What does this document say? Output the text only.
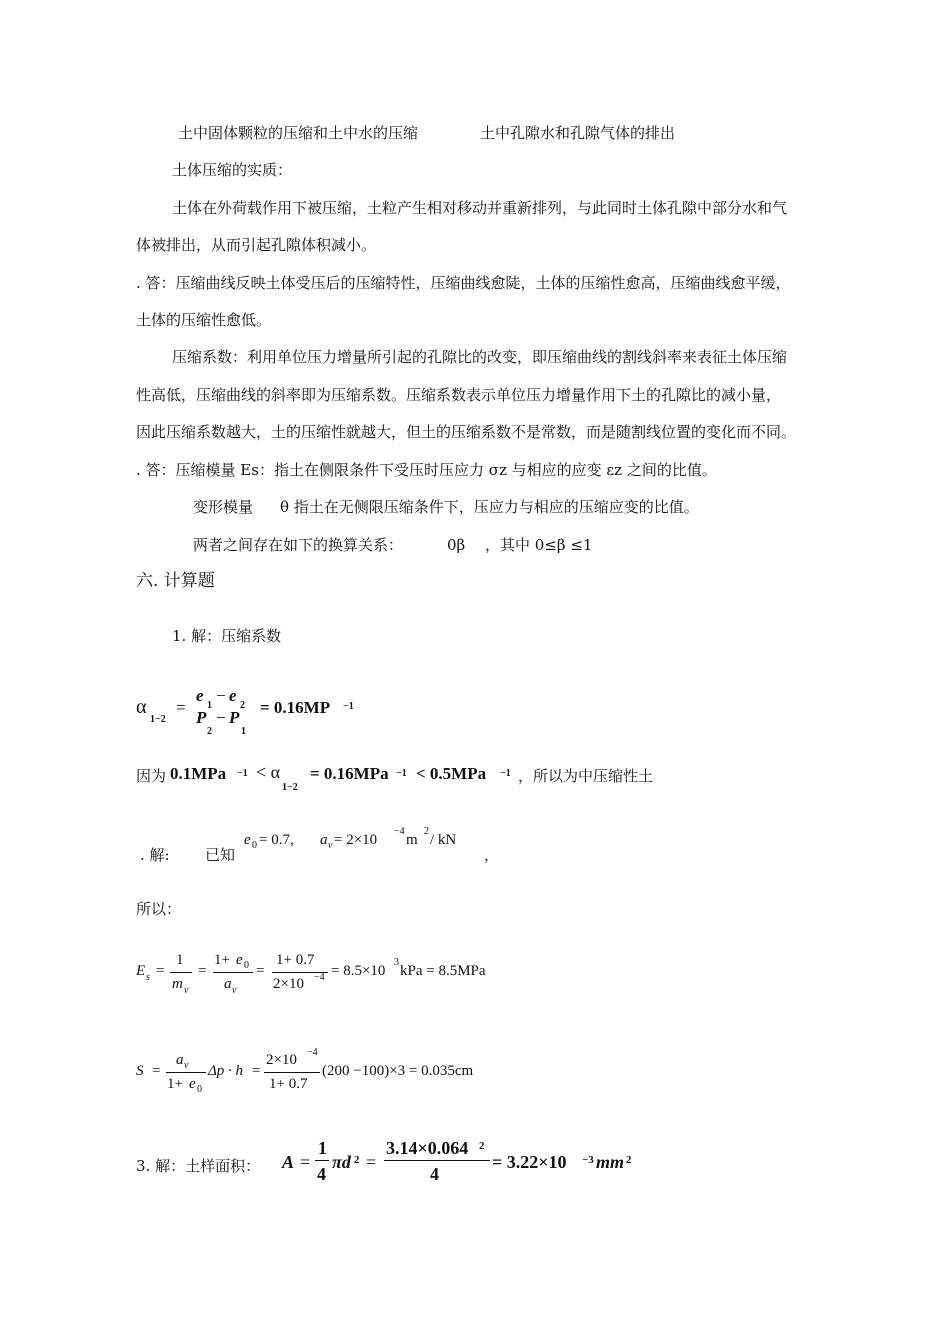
土中固体颗粒的压缩和土中水的压缩	土中孔隙水和孔隙气体的排出
土体压缩的实质：
土体在外荷载作用下被压缩，土粒产生相对移动并重新排列，与此同时土体孔隙中部分水和气
体被排出，从而引起孔隙体积减小。
. 答：压缩曲线反映土体受压后的压缩特性，压缩曲线愈陡，土体的压缩性愈高，压缩曲线愈平缓，
土体的压缩性愈低。
压缩系数：利用单位压力增量所引起的孔隙比的改变，即压缩曲线的割线斜率来表征土体压缩
性高低，压缩曲线的斜率即为压缩系数。压缩系数表示单位压力增量作用下土的孔隙比的减小量，
因此压缩系数越大，土的压缩性就越大，但土的压缩系数不是常数，而是随割线位置的变化而不同。
. 答：压缩模量 Es：指土在侧限条件下受压时压应力 σz 与相应的应变 εz 之间的比值。
变形模量 θ 指土在无侧限压缩条件下，压应力与相应的压缩应变的比值。
两者之间存在如下的换算关系：	0β ，其中 0≤β ≤1
六. 计算题
1. 解：压缩系数
α
1−2
=
e
1
− e
2
P
2
− P
1
= 0.16MP −1
因为 0.1MPa −1 < α
1−2
= 0.16MPa −1 < 0.5MPa −1 ，所以为中压缩性土
. 解: 已知
e 0 = 0.7, a v = 2×10
−4
m
2
/ kN
，
所以：
E s =
1
m v
=
1+ e 0
a v
=
1+ 0.7
2×10 −4 = 8.5×10
3
kPa = 8.5MPa
S =
a v
1+ e 0
Δp · h =
2×10 −4
1+ 0.7
(200 −100)×3 = 0.035cm
3. 解：土样面积： A =
1
4
πd 2 =
3.14×0.064 2
4
= 3.22×10 −3 mm 2
